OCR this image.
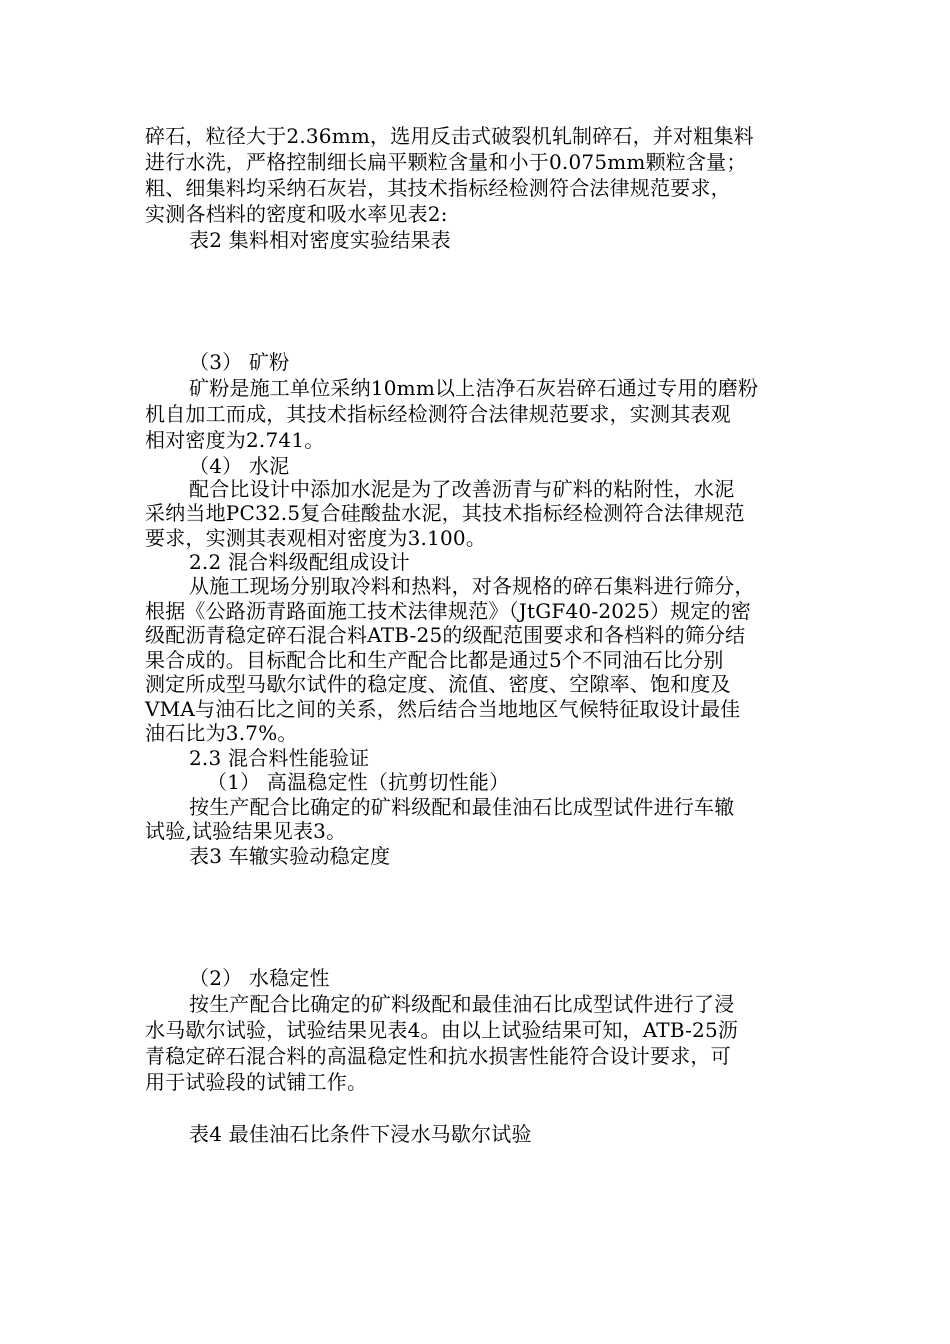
碎石，粒径大于2.36mm，选用反击式破裂机轧制碎石，并对粗集料
进行水洗，严格控制细长扁平颗粒含量和小于0.075mm颗粒含量；
粗、细集料均采纳石灰岩，其技术指标经检测符合法律规范要求，
实测各档料的密度和吸水率见表2:
表2 集料相对密度实验结果表
（3） 矿粉
矿粉是施工单位采纳10mm以上洁净石灰岩碎石通过专用的磨粉
机自加工而成，其技术指标经检测符合法律规范要求，实测其表观
相对密度为2.741。
（4） 水泥
配合比设计中添加水泥是为了改善沥青与矿料的粘附性，水泥
采纳当地PC32.5复合硅酸盐水泥，其技术指标经检测符合法律规范
要求，实测其表观相对密度为3.100。
2.2 混合料级配组成设计
从施工现场分别取冷料和热料，对各规格的碎石集料进行筛分，
根据《公路沥青路面施工技术法律规范》（JtGF40-2025）规定的密
级配沥青稳定碎石混合料ATB-25的级配范围要求和各档料的筛分结
果合成的。目标配合比和生产配合比都是通过5个不同油石比分别
测定所成型马歇尔试件的稳定度、流值、密度、空隙率、饱和度及
VMA与油石比之间的关系，然后结合当地地区气候特征取设计最佳
油石比为3.7%。
2.3 混合料性能验证
（1） 高温稳定性（抗剪切性能）
按生产配合比确定的矿料级配和最佳油石比成型试件进行车辙
试验,试验结果见表3。
表3 车辙实验动稳定度
（2） 水稳定性
按生产配合比确定的矿料级配和最佳油石比成型试件进行了浸
水马歇尔试验，试验结果见表4。由以上试验结果可知，ATB-25沥
青稳定碎石混合料的高温稳定性和抗水损害性能符合设计要求，可
用于试验段的试铺工作。
表4 最佳油石比条件下浸水马歇尔试验
